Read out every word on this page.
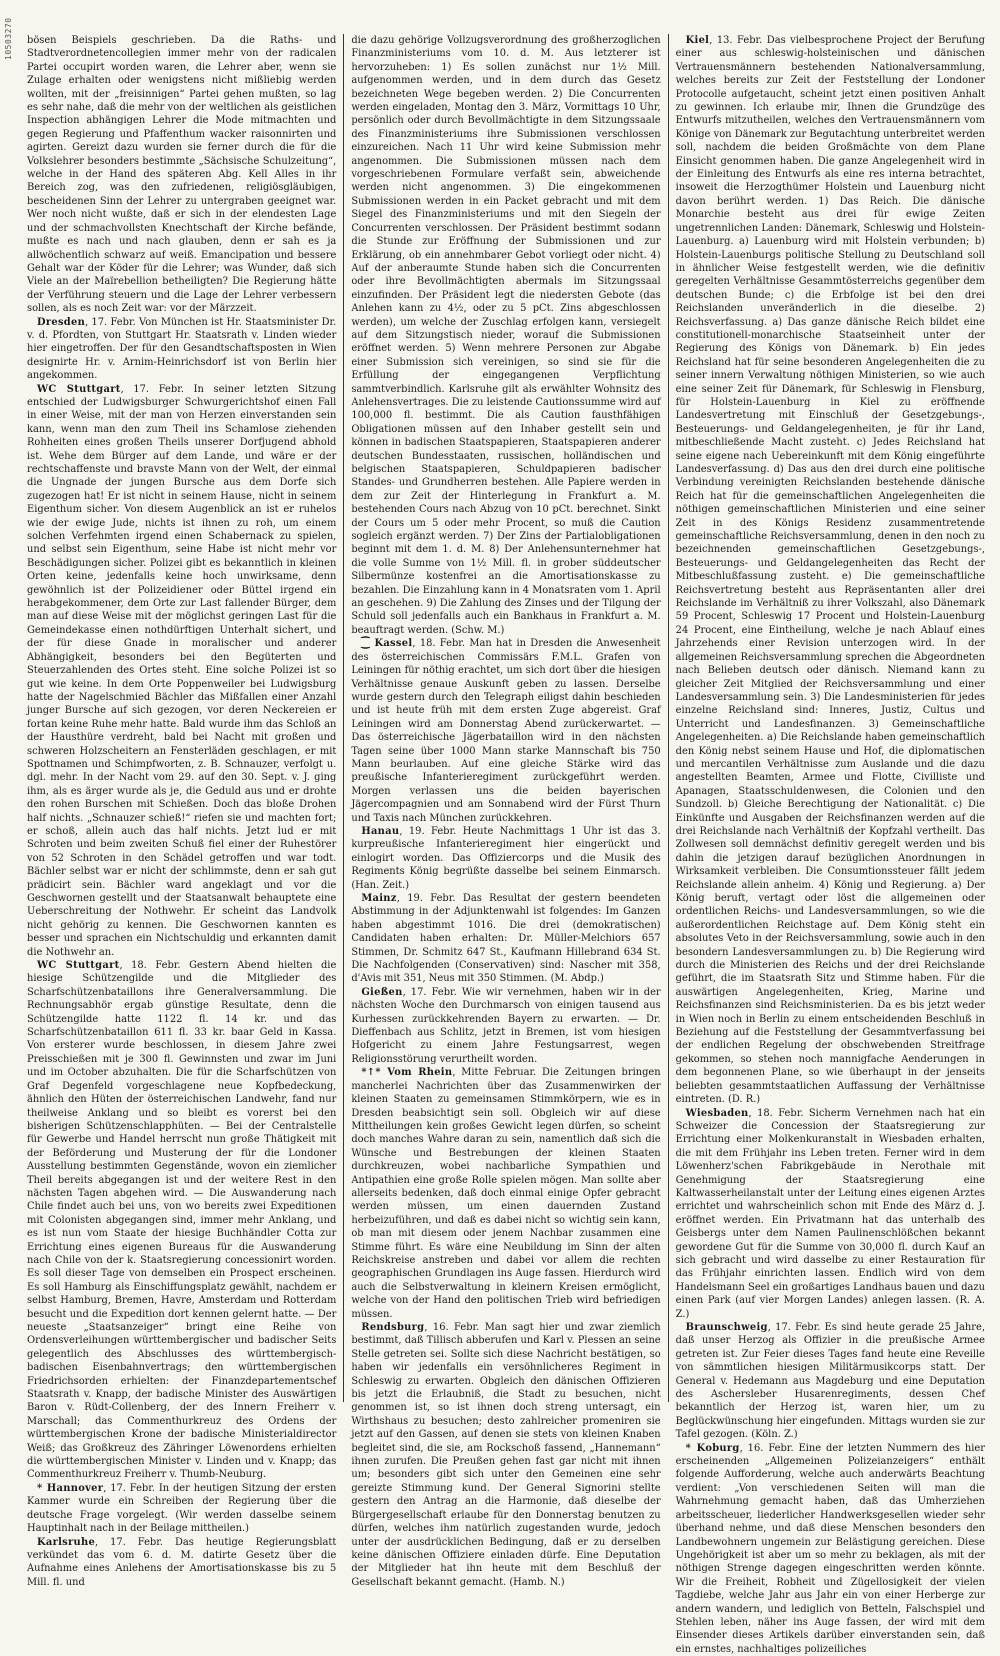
10503270	bösen Beispiels geschrieben. Da die Raths- und Stadtverordnetencollegien immer mehr von der radicalen Partei occupirt worden waren, die Lehrer aber, wenn sie Zulage erhalten oder wenigstens nicht mißliebig werden wollten, mit der „freisinnigen“ Partei gehen mußten, so lag es sehr nahe, daß die mehr von der weltlichen als geistlichen Inspection abhängigen Lehrer die Mode mitmachten und gegen Regierung und Pfaffenthum wacker raisonnirten und agirten. Gereizt dazu wurden sie ferner durch die für die Volkslehrer besonders bestimmte „Sächsische Schulzeitung“, welche in der Hand des späteren Abg. Kell Alles in ihr Bereich zog, was den zufriedenen, religiösgläubigen, bescheidenen Sinn der Lehrer zu untergraben geeignet war. Wer noch nicht wußte, daß er sich in der elendesten Lage und der schmachvollsten Knechtschaft der Kirche befände, mußte es nach und nach glauben, denn er sah es ja allwöchentlich schwarz auf weiß. Emancipation und bessere Gehalt war der Köder für die Lehrer; was Wunder, daß sich Viele an der Maïrebellion betheiligten? Die Regierung hätte der Verführung steuern und die Lage der Lehrer verbessern sollen, als es noch Zeit war: vor der Märzzeit.

Dresden, 17. Febr. Von München ist Hr. Staatsminister Dr. v. d. Pfordten, von Stuttgart Hr. Staatsrath v. Linden wieder hier eingetroffen. Der für den Gesandtschaftsposten in Wien designirte Hr. v. Arnim-Heinrichsdorf ist von Berlin hier angekommen.

WC Stuttgart, 17. Febr. In seiner letzten Sitzung entschied der Ludwigsburger Schwurgerichtshof einen Fall in einer Weise, mit der man von Herzen einverstanden sein kann, wenn man den zum Theil ins Schamlose ziehenden Rohheiten eines großen Theils unserer Dorfjugend abhold ist. Wehe dem Bürger auf dem Lande, und wäre er der rechtschaffenste und bravste Mann von der Welt, der einmal die Ungnade der jungen Bursche aus dem Dorfe sich zugezogen hat! Er ist nicht in seinem Hause, nicht in seinem Eigenthum sicher. Von diesem Augenblick an ist er ruhelos wie der ewige Jude, nichts ist ihnen zu roh, um einem solchen Verfehmten irgend einen Schabernack zu spielen, und selbst sein Eigenthum, seine Habe ist nicht mehr vor Beschädigungen sicher. Polizei gibt es bekanntlich in kleinen Orten keine, jedenfalls keine hoch unwirksame, denn gewöhnlich ist der Polizeidiener oder Büttel irgend ein herabgekommener, dem Orte zur Last fallender Bürger, dem man auf diese Weise mit der möglichst geringen Last für die Gemeindekasse einen nothdürftigen Unterhalt sichert, und der für diese Gnade in moralischer und anderer Abhängigkeit, besonders bei den Begüterten und Steuerzahlenden des Ortes steht. Eine solche Polizei ist so gut wie keine. In dem Orte Poppenweiler bei Ludwigsburg hatte der Nagelschmied Bächler das Mißfallen einer Anzahl junger Bursche auf sich gezogen, vor deren Neckereien er fortan keine Ruhe mehr hatte. Bald wurde ihm das Schloß an der Hausthüre verdreht, bald bei Nacht mit großen und schweren Holzscheitern an Fensterläden geschlagen, er mit Spottnamen und Schimpfworten, z. B. Schnauzer, verfolgt u. dgl. mehr. In der Nacht vom 29. auf den 30. Sept. v. J. ging ihm, als es ärger wurde als je, die Geduld aus und er drohte den rohen Burschen mit Schießen. Doch das bloße Drohen half nichts. „Schnauzer schieß!“ riefen sie und machten fort; er schoß, allein auch das half nichts. Jetzt lud er mit Schroten und beim zweiten Schuß fiel einer der Ruhestörer von 52 Schroten in den Schädel getroffen und war todt. Bächler selbst war er nicht der schlimmste, denn er sah gut prädicirt sein. Bächler ward angeklagt und vor die Geschwornen gestellt und der Staatsanwalt behauptete eine Ueberschreitung der Nothwehr. Er scheint das Landvolk nicht gehörig zu kennen. Die Geschwornen kannten es besser und sprachen ein Nichtschuldig und erkannten damit die Nothwehr an.

WC Stuttgart, 18. Febr. Gestern Abend hielten die hiesige Schützengilde und die Mitglieder des Scharfschützenbataillons ihre Generalversammlung. Die Rechnungsabhör ergab günstige Resultate, denn die Schützengilde hatte 1122 fl. 14 kr. und das Scharfschützenbataillon 611 fl. 33 kr. baar Geld in Kassa. Von ersterer wurde beschlossen, in diesem Jahre zwei Preisschießen mit je 300 fl. Gewinnsten und zwar im Juni und im October abzuhalten. Die für die Scharfschützen von Graf Degenfeld vorgeschlagene neue Kopfbedeckung, ähnlich den Hüten der österreichischen Landwehr, fand nur theilweise Anklang und so bleibt es vorerst bei den bisherigen Schützenschlapphüten. — Bei der Centralstelle für Gewerbe und Handel herrscht nun große Thätigkeit mit der Beförderung und Musterung der für die Londoner Ausstellung bestimmten Gegenstände, wovon ein ziemlicher Theil bereits abgegangen ist und der weitere Rest in den nächsten Tagen abgehen wird. — Die Auswanderung nach Chile findet auch bei uns, von wo bereits zwei Expeditionen mit Colonisten abgegangen sind, immer mehr Anklang, und es ist nun vom Staate der hiesige Buchhändler Cotta zur Errichtung eines eigenen Bureaus für die Auswanderung nach Chile von der k. Staatsregierung concessionirt worden. Es soll dieser Tage von demselben ein Prospect erscheinen. Es soll Hamburg als Einschiffungsplatz gewählt, nachdem er selbst Hamburg, Bremen, Havre, Amsterdam und Rotterdam besucht und die Expedition dort kennen gelernt hatte. — Der neueste „Staatsanzeiger“ bringt eine Reihe von Ordensverleihungen württembergischer und badischer Seits gelegentlich des Abschlusses des württembergisch-badischen Eisenbahnvertrags; den württembergischen Friedrichsorden erhielten: der Finanzdepartementschef Staatsrath v. Knapp, der badische Minister des Auswärtigen Baron v. Rüdt-Collenberg, der des Innern Freiherr v. Marschall; das Commenthurkreuz des Ordens der württembergischen Krone der badische Ministerialdirector Weiß; das Großkreuz des Zähringer Löwenordens erhielten die württembergischen Minister v. Linden und v. Knapp; das Commenthurkreuz Freiherr v. Thumb-Neuburg.

* Hannover, 17. Febr. In der heutigen Sitzung der ersten Kammer wurde ein Schreiben der Regierung über die deutsche Frage vorgelegt. (Wir werden dasselbe seinem Hauptinhalt nach in der Beilage mittheilen.)

Karlsruhe, 17. Febr. Das heutige Regierungsblatt verkündet das vom 6. d. M. datirte Gesetz über die Aufnahme eines Anlehens der Amortisationskasse bis zu 5 Mill. fl. und

die dazu gehörige Vollzugsverordnung des großherzoglichen Finanzministeriums vom 10. d. M. Aus letzterer ist hervorzuheben: 1) Es sollen zunächst nur 1½ Mill. aufgenommen werden, und in dem durch das Gesetz bezeichneten Wege begeben werden. 2) Die Concurrenten werden eingeladen, Montag den 3. März, Vormittags 10 Uhr, persönlich oder durch Bevollmächtigte in dem Sitzungssaale des Finanzministeriums ihre Submissionen verschlossen einzureichen. Nach 11 Uhr wird keine Submission mehr angenommen. Die Submissionen müssen nach dem vorgeschriebenen Formulare verfaßt sein, abweichende werden nicht angenommen. 3) Die eingekommenen Submissionen werden in ein Packet gebracht und mit dem Siegel des Finanzministeriums und mit den Siegeln der Concurrenten verschlossen. Der Präsident bestimmt sodann die Stunde zur Eröffnung der Submissionen und zur Erklärung, ob ein annehmbarer Gebot vorliegt oder nicht. 4) Auf der anberaumte Stunde haben sich die Concurrenten oder ihre Bevollmächtigten abermals im Sitzungssaal einzufinden. Der Präsident legt die niedersten Gebote (das Anlehen kann zu 4½, oder zu 5 pCt. Zins abgeschlossen werden), um welche der Zuschlag erfolgen kann, versiegelt auf dem Sitzungstisch nieder, worauf die Submissionen eröffnet werden. 5) Wenn mehrere Personen zur Abgabe einer Submission sich vereinigen, so sind sie für die Erfüllung der eingegangenen Verpflichtung sammtverbindlich. Karlsruhe gilt als erwählter Wohnsitz des Anlehensvertrages. Die zu leistende Cautionssumme wird auf 100,000 fl. bestimmt. Die als Caution fausthfähigen Obligationen müssen auf den Inhaber gestellt sein und können in badischen Staatspapieren, Staatspapieren anderer deutschen Bundesstaaten, russischen, holländischen und belgischen Staatspapieren, Schuldpapieren badischer Standes- und Grundherren bestehen. Alle Papiere werden in dem zur Zeit der Hinterlegung in Frankfurt a. M. bestehenden Cours nach Abzug von 10 pCt. berechnet. Sinkt der Cours um 5 oder mehr Procent, so muß die Caution sogleich ergänzt werden. 7) Der Zins der Partialobligationen beginnt mit dem 1. d. M. 8) Der Anlehensunternehmer hat die volle Summe von 1½ Mill. fl. in grober süddeutscher Silbermünze kostenfrei an die Amortisationskasse zu bezahlen. Die Einzahlung kann in 4 Monatsraten vom 1. April an geschehen. 9) Die Zahlung des Zinses und der Tilgung der Schuld soll jedenfalls auch ein Bankhaus in Frankfurt a. M. beauftragt werden. (Schw. M.)

⁐ Kassel, 18. Febr. Man hat in Dresden die Anwesenheit des österreichischen Commissärs F.M.L. Grafen von Leiningen für nöthig erachtet, um sich dort über die hiesigen Verhältnisse genaue Auskunft geben zu lassen. Derselbe wurde gestern durch den Telegraph eiligst dahin beschieden und ist heute früh mit dem ersten Zuge abgereist. Graf Leiningen wird am Donnerstag Abend zurückerwartet. — Das österreichische Jägerbataillon wird in den nächsten Tagen seine über 1000 Mann starke Mannschaft bis 750 Mann beurlauben. Auf eine gleiche Stärke wird das preußische Infanterieregiment zurückgeführt werden. Morgen verlassen uns die beiden bayerischen Jägercompagnien und am Sonnabend wird der Fürst Thurn und Taxis nach München zurückkehren.

Hanau, 19. Febr. Heute Nachmittags 1 Uhr ist das 3. kurpreußische Infanterieregiment hier eingerückt und einlogirt worden. Das Offiziercorps und die Musik des Regiments König begrüßte dasselbe bei seinem Einmarsch. (Han. Zeit.)

Mainz, 19. Febr. Das Resultat der gestern beendeten Abstimmung in der Adjunktenwahl ist folgendes: Im Ganzen haben abgestimmt 1016. Die drei (demokratischen) Candidaten haben erhalten: Dr. Müller-Melchiors 657 Stimmen, Dr. Schmitz 647 St., Kaufmann Hillebrand 634 St. Die Nachfolgenden (Conservativen) sind: Nascher mit 358, d'Avis mit 351, Neus mit 350 Stimmen. (M. Abdp.)

Gießen, 17. Febr. Wie wir vernehmen, haben wir in der nächsten Woche den Durchmarsch von einigen tausend aus Kurhessen zurückkehrenden Bayern zu erwarten. — Dr. Dieffenbach aus Schlitz, jetzt in Bremen, ist vom hiesigen Hofgericht zu einem Jahre Festungsarrest, wegen Religionsstörung verurtheilt worden.

*↑* Vom Rhein, Mitte Februar. Die Zeitungen bringen mancherlei Nachrichten über das Zusammenwirken der kleinen Staaten zu gemeinsamen Stimmkörpern, wie es in Dresden beabsichtigt sein soll. Obgleich wir auf diese Mittheilungen kein großes Gewicht legen dürfen, so scheint doch manches Wahre daran zu sein, namentlich daß sich die Wünsche und Bestrebungen der kleinen Staaten durchkreuzen, wobei nachbarliche Sympathien und Antipathien eine große Rolle spielen mögen. Man sollte aber allerseits bedenken, daß doch einmal einige Opfer gebracht werden müssen, um einen dauernden Zustand herbeizuführen, und daß es dabei nicht so wichtig sein kann, ob man mit diesem oder jenem Nachbar zusammen eine Stimme führt. Es wäre eine Neubildung im Sinn der alten Reichskreise anstreben und dabei vor allem die rechten geographischen Grundlagen ins Auge fassen. Hierdurch wird auch die Selbstverwaltung in kleinern Kreisen ermöglicht, welche von der Hand den politischen Trieb wird befriedigen müssen.

Rendsburg, 16. Febr. Man sagt hier und zwar ziemlich bestimmt, daß Tillisch abberufen und Karl v. Plessen an seine Stelle getreten sei. Sollte sich diese Nachricht bestätigen, so haben wir jedenfalls ein versöhnlicheres Regiment in Schleswig zu erwarten. Obgleich den dänischen Offizieren bis jetzt die Erlaubniß, die Stadt zu besuchen, nicht genommen ist, so ist ihnen doch streng untersagt, ein Wirthshaus zu besuchen; desto zahlreicher promeniren sie jetzt auf den Gassen, auf denen sie stets von kleinen Knaben begleitet sind, die sie, am Rockschoß fassend, „Hannemann“ ihnen zurufen. Die Preußen gehen fast gar nicht mit ihnen um; besonders gibt sich unter den Gemeinen eine sehr gereizte Stimmung kund. Der General Signorini stellte gestern den Antrag an die Harmonie, daß dieselbe der Bürgergesellschaft erlaube für den Donnerstag benutzen zu dürfen, welches ihm natürlich zugestanden wurde, jedoch unter der ausdrücklichen Bedingung, daß er zu derselben keine dänischen Offiziere einladen dürfe. Eine Deputation der Mitglieder hat ihn heute mit dem Beschluß der Gesellschaft bekannt gemacht. (Hamb. N.)

Kiel, 13. Febr. Das vielbesprochene Project der Berufung einer aus schleswig-holsteinischen und dänischen Vertrauensmännern bestehenden Nationalversammlung, welches bereits zur Zeit der Feststellung der Londoner Protocolle aufgetaucht, scheint jetzt einen positiven Anhalt zu gewinnen. Ich erlaube mir, Ihnen die Grundzüge des Entwurfs mitzutheilen, welches den Vertrauensmännern vom Könige von Dänemark zur Begutachtung unterbreitet werden soll, nachdem die beiden Großmächte von dem Plane Einsicht genommen haben. Die ganze Angelegenheit wird in der Einleitung des Entwurfs als eine res interna betrachtet, insoweit die Herzogthümer Holstein und Lauenburg nicht davon berührt werden. 1) Das Reich. Die dänische Monarchie besteht aus drei für ewige Zeiten ungetrennlichen Landen: Dänemark, Schleswig und Holstein-Lauenburg. a) Lauenburg wird mit Holstein verbunden; b) Holstein-Lauenburgs politische Stellung zu Deutschland soll in ähnlicher Weise festgestellt werden, wie die definitiv geregelten Verhältnisse Gesammtösterreichs gegenüber dem deutschen Bunde; c) die Erbfolge ist bei den drei Reichslanden unveränderlich in die dieselbe. 2) Reichsverfassung. a) Das ganze dänische Reich bildet eine constitutionell-monarchische Staatseinheit unter der Regierung des Königs von Dänemark. b) Ein jedes Reichsland hat für seine besonderen Angelegenheiten die zu seiner innern Verwaltung nöthigen Ministerien, so wie auch eine seiner Zeit für Dänemark, für Schleswig in Flensburg, für Holstein-Lauenburg in Kiel zu eröffnende Landesvertretung mit Einschluß der Gesetzgebungs-, Besteuerungs- und Geldangelegenheiten, je für ihr Land, mitbeschließende Macht zusteht. c) Jedes Reichsland hat seine eigene nach Uebereinkunft mit dem König eingeführte Landesverfassung. d) Das aus den drei durch eine politische Verbindung vereinigten Reichslanden bestehende dänische Reich hat für die gemeinschaftlichen Angelegenheiten die nöthigen gemeinschaftlichen Ministerien und eine seiner Zeit in des Königs Residenz zusammentretende gemeinschaftliche Reichsversammlung, denen in den noch zu bezeichnenden gemeinschaftlichen Gesetzgebungs-, Besteuerungs- und Geldangelegenheiten das Recht der Mitbeschlußfassung zusteht. e) Die gemeinschaftliche Reichsvertretung besteht aus Repräsentanten aller drei Reichslande im Verhältniß zu ihrer Volkszahl, also Dänemark 59 Procent, Schleswig 17 Procent und Holstein-Lauenburg 24 Procent, eine Eintheilung, welche je nach Ablauf eines Jahrzehends einer Revision unterzogen wird. In der allgemeinen Reichsversammlung sprechen die Abgeordneten nach Belieben deutsch oder dänisch. Niemand kann zu gleicher Zeit Mitglied der Reichsversammlung und einer Landesversammlung sein. 3) Die Landesministerien für jedes einzelne Reichsland sind: Inneres, Justiz, Cultus und Unterricht und Landesfinanzen. 3) Gemeinschaftliche Angelegenheiten. a) Die Reichslande haben gemeinschaftlich den König nebst seinem Hause und Hof, die diplomatischen und mercantilen Verhältnisse zum Auslande und die dazu angestellten Beamten, Armee und Flotte, Civilliste und Apanagen, Staatsschuldenwesen, die Colonien und den Sundzoll. b) Gleiche Berechtigung der Nationalität. c) Die Einkünfte und Ausgaben der Reichsfinanzen werden auf die drei Reichslande nach Verhältniß der Kopfzahl vertheilt. Das Zollwesen soll demnächst definitiv geregelt werden und bis dahin die jetzigen darauf bezüglichen Anordnungen in Wirksamkeit verbleiben. Die Consumtionssteuer fällt jedem Reichslande allein anheim. 4) König und Regierung. a) Der König beruft, vertagt oder löst die allgemeinen oder ordentlichen Reichs- und Landesversammlungen, so wie die außerordentlichen Reichstage auf. Dem König steht ein absolutes Veto in der Reichsversammlung, sowie auch in den besondern Landesversammlungen zu. b) Die Regierung wird durch die Ministerien des Reichs und der drei Reichslande geführt, die im Staatsrath Sitz und Stimme haben. Für die auswärtigen Angelegenheiten, Krieg, Marine und Reichsfinanzen sind Reichsministerien. Da es bis jetzt weder in Wien noch in Berlin zu einem entscheidenden Beschluß in Beziehung auf die Feststellung der Gesammtverfassung bei der endlichen Regelung der obschwebenden Streitfrage gekommen, so stehen noch mannigfache Aenderungen in dem begonnenen Plane, so wie überhaupt in der jenseits beliebten gesammtstaatlichen Auffassung der Verhältnisse eintreten. (D. R.)

Wiesbaden, 18. Febr. Sicherm Vernehmen nach hat ein Schweizer die Concession der Staatsregierung zur Errichtung einer Molkenkuranstalt in Wiesbaden erhalten, die mit dem Frühjahr ins Leben treten. Ferner wird in dem Löwenherz'schen Fabrikgebäude in Nerothale mit Genehmigung der Staatsregierung eine Kaltwasserheilanstalt unter der Leitung eines eigenen Arztes errichtet und wahrscheinlich schon mit Ende des März d. J. eröffnet werden. Ein Privatmann hat das unterhalb des Geisbergs unter dem Namen Paulinenschlößchen bekannt gewordene Gut für die Summe von 30,000 fl. durch Kauf an sich gebracht und wird dasselbe zu einer Restauration für das Frühjahr einrichten lassen. Endlich wird von dem Handelsmann Seel ein großartiges Landhaus bauen und dazu einen Park (auf vier Morgen Landes) anlegen lassen. (R. A. Z.)

Braunschweig, 17. Febr. Es sind heute gerade 25 Jahre, daß unser Herzog als Offizier in die preußische Armee getreten ist. Zur Feier dieses Tages fand heute eine Reveille von sämmtlichen hiesigen Militärmusikcorps statt. Der General v. Hedemann aus Magdeburg und eine Deputation des Aschersleber Husarenregiments, dessen Chef bekanntlich der Herzog ist, waren hier, um zu Beglückwünschung hier eingefunden. Mittags wurden sie zur Tafel gezogen. (Köln. Z.)

* Koburg, 16. Febr. Eine der letzten Nummern des hier erscheinenden „Allgemeinen Polizeianzeigers“ enthält folgende Aufforderung, welche auch anderwärts Beachtung verdient: „Von verschiedenen Seiten will man die Wahrnehmung gemacht haben, daß das Umherziehen arbeitsscheuer, liederlicher Handwerksgesellen wieder sehr überhand nehme, und daß diese Menschen besonders den Landbewohnern ungemein zur Belästigung gereichen. Diese Ungehörigkeit ist aber um so mehr zu beklagen, als mit der nöthigen Strenge dagegen eingeschritten werden könnte. Wir die Freiheit, Robheit und Zügellosigkeit der vielen Tagdiebe, welche Jahr aus Jahr ein von einer Herberge zur andern wandern, und lediglich von Betteln, Falschspiel und Stehlen leben, näher ins Auge fassen, der wird mit dem Einsender dieses Artikels darüber einverstanden sein, daß ein ernstes, nachhaltiges polizeiliches
